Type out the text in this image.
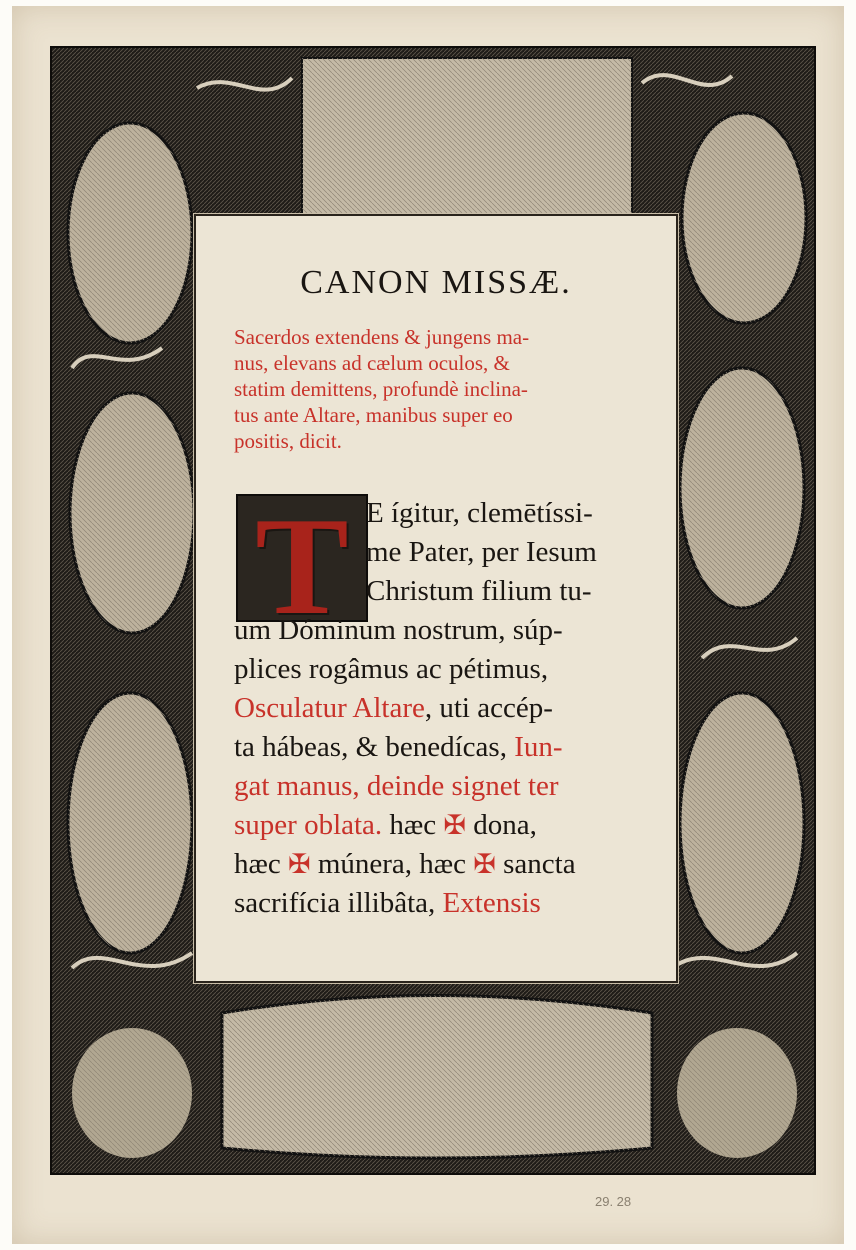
CANON MISSÆ.
Sacerdos extendens & jungens ma-
nus, elevans ad cælum oculos, &
statim demittens, profundè inclina-
tus ante Altare, manibus super eo
positis, dicit.
T E ígitur, clemētíssi-
me Pater, per Iesum
Christum filium tu-
um Dóminum nostrum, súp-
plices rogâmus ac pétimus,
Osculatur Altare, uti accép-
ta hábeas, & benedícas, Iun-
gat manus, deinde signet ter
super oblata. hæc ✠ dona,
hæc ✠ múnera, hæc ✠ sancta
sacrifícia illibâta, Extensis
29. 28
